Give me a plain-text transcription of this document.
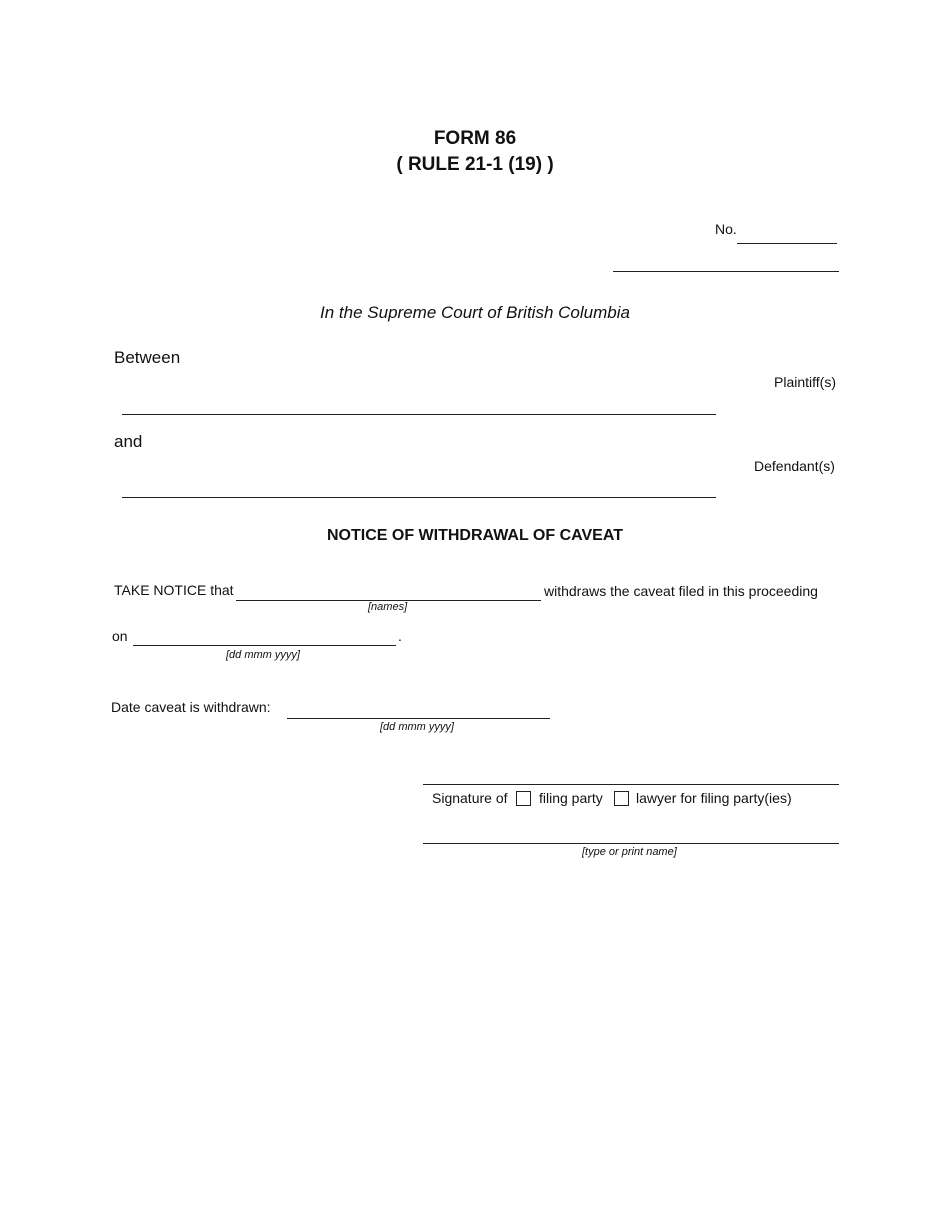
FORM 86
( RULE 21-1 (19) )
No.
In the Supreme Court of British Columbia
Between
Plaintiff(s)
and
Defendant(s)
NOTICE OF WITHDRAWAL OF CAVEAT
TAKE NOTICE that
[names]
withdraws the caveat filed in this proceeding
on	.
[dd mmm yyyy]
Date caveat is withdrawn:
[dd mmm yyyy]
Signature of filing party lawyer for filing party(ies)
[type or print name]
